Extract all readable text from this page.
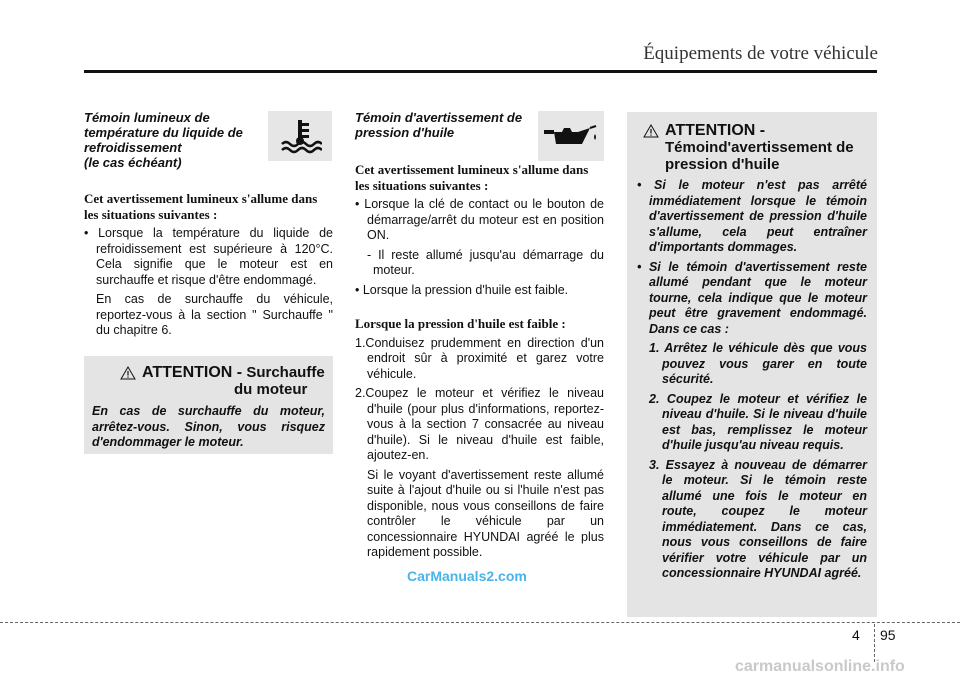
Équipements de votre véhicule
Témoin lumineux de
température du liquide de
refroidissement
(le cas échéant)

Cet avertissement lumineux s'allume dans les situations suivantes :

• Lorsque la température du liquide de refroidissement est supérieure à 120°C. Cela signifie que le moteur est en surchauffe et risque d'être endommagé.

En cas de surchauffe du véhicule, reportez-vous à la section " Surchauffe " du chapitre 6.

ATTENTION - Surchauffe
du moteur

En cas de surchauffe du moteur, arrêtez-vous. Sinon, vous risquez d'endommager le moteur.

Témoin d'avertissement de
pression d'huile

Cet avertissement lumineux s'allume dans les situations suivantes :

• Lorsque la clé de contact ou le bouton de démarrage/arrêt du moteur est en position ON.

- Il reste allumé jusqu'au démarrage du moteur.

• Lorsque la pression d'huile est faible.

Lorsque la pression d'huile est faible :

1.Conduisez prudemment en direction d'un endroit sûr à proximité et garez votre véhicule.

2.Coupez le moteur et vérifiez le niveau d'huile (pour plus d'informations, reportez-vous à la section 7 consacrée au niveau d'huile). Si le niveau d'huile est faible, ajoutez-en.

Si le voyant d'avertissement reste allumé suite à l'ajout d'huile ou si l'huile n'est pas disponible, nous vous conseillons de faire contrôler le véhicule par un concessionnaire HYUNDAI agréé le plus rapidement possible.

ATTENTION -
Témoind'avertissement de
pression d'huile

• Si le moteur n'est pas arrêté immédiatement lorsque le témoin d'avertissement de pression d'huile s'allume, cela peut entraîner d'importants dommages.

• Si le témoin d'avertissement reste allumé pendant que le moteur tourne, cela indique que le moteur peut être gravement endommagé. Dans ce cas :

1. Arrêtez le véhicule dès que vous pouvez vous garer en toute sécurité.

2. Coupez le moteur et vérifiez le niveau d'huile. Si le niveau d'huile est bas, remplissez le moteur d'huile jusqu'au niveau requis.

3. Essayez à nouveau de démarrer le moteur. Si le témoin reste allumé une fois le moteur en route, coupez le moteur immédiatement. Dans ce cas, nous vous conseillons de faire vérifier votre véhicule par un concessionnaire HYUNDAI agréé.

CarManuals2.com
carmanualsonline.info
4 95
